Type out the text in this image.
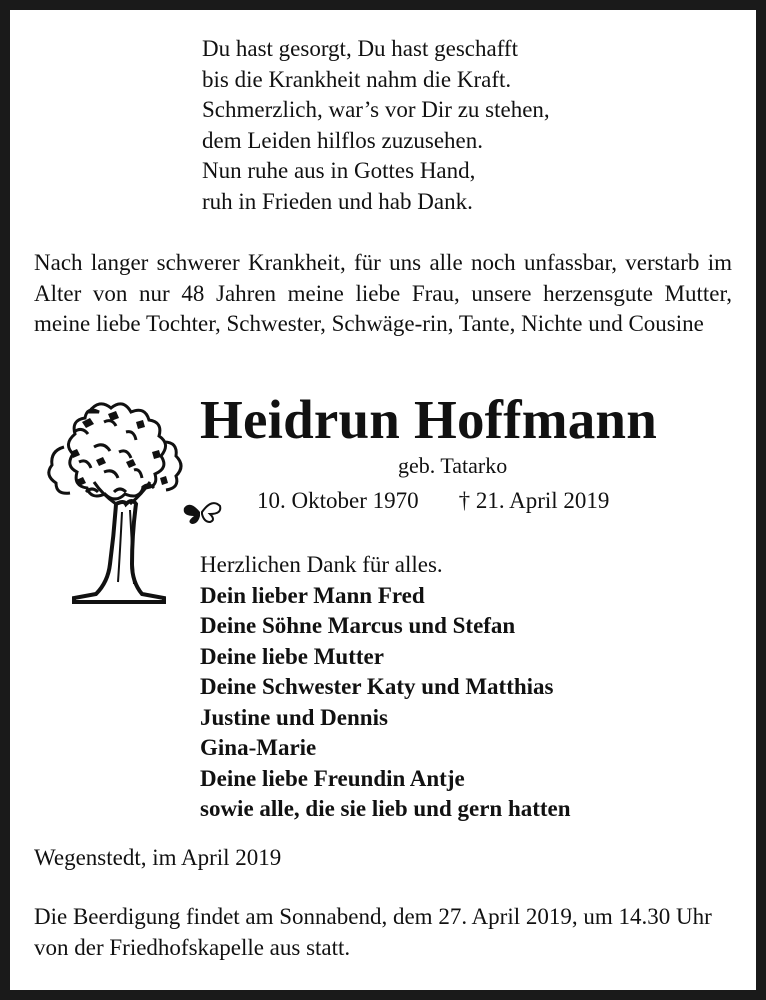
Du hast gesorgt, Du hast geschafft
bis die Krankheit nahm die Kraft.
Schmerzlich, war’s vor Dir zu stehen,
dem Leiden hilflos zuzusehen.
Nun ruhe aus in Gottes Hand,
ruh in Frieden und hab Dank.
Nach langer schwerer Krankheit, für uns alle noch unfassbar, verstarb im Alter von nur 48 Jahren meine liebe Frau, unsere herzensgute Mutter, meine liebe Tochter, Schwester, Schwäge-rin, Tante, Nichte und Cousine
Heidrun Hoffmann
geb. Tatarko
10. Oktober 1970 † 21. April 2019
Herzlichen Dank für alles.
Dein lieber Mann Fred
Deine Söhne Marcus und Stefan
Deine liebe Mutter
Deine Schwester Katy und Matthias
Justine und Dennis
Gina-Marie
Deine liebe Freundin Antje
sowie alle, die sie lieb und gern hatten
Wegenstedt, im April 2019
Die Beerdigung findet am Sonnabend, dem 27. April 2019, um 14.30 Uhr von der Friedhofskapelle aus statt.
